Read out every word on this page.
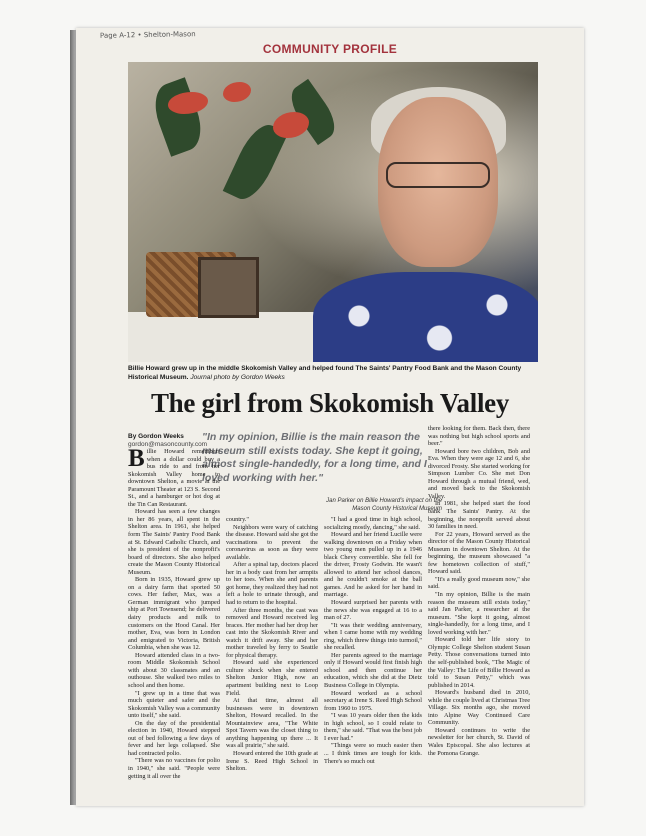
Page A-12 • Shelton-Mason
COMMUNITY PROFILE
Billie Howard grew up in the middle Skokomish Valley and helped found The Saints' Pantry Food Bank and the Mason County Historical Museum. Journal photo by Gordon Weeks
The girl from Skokomish Valley
By Gordon Weeks
gordon@masoncounty.com
"In my opinion, Billie is the main reason the museum still exists today. She kept it going, almost single-handedly, for a long time, and I loved working with her."
Jan Parker on Billie Howard's impact on the
Mason County Historical Museum

Billie Howard remembers when a dollar could buy a bus ride to and from her Skokomish Valley home to downtown Shelton, a movie at the Paramount Theater at 123 S. Second St., and a hamburger or hot dog at the Tin Can Restaurant.

Howard has seen a few changes in her 86 years, all spent in the Shelton area. In 1961, she helped form The Saints' Pantry Food Bank at St. Edward Catholic Church, and she is president of the nonprofit's board of directors. She also helped create the Mason County Historical Museum.

Born in 1935, Howard grew up on a dairy farm that sported 50 cows. Her father, Max, was a German immigrant who jumped ship at Port Townsend; he delivered dairy products and milk to customers on the Hood Canal. Her mother, Eva, was born in London and emigrated to Victoria, British Columbia, when she was 12.

Howard attended class in a two-room Middle Skokomish School with about 30 classmates and an outhouse. She walked two miles to school and then home.

"I grew up in a time that was much quieter and safer and the Skokomish Valley was a community unto itself," she said.

On the day of the presidential election in 1940, Howard stepped out of bed following a few days of fever and her legs collapsed. She had contracted polio.

"There was no vaccines for polio in 1940," she said. "People were getting it all over the

country."

Neighbors were wary of catching the disease. Howard said she got the vaccinations to prevent the coronavirus as soon as they were available.

After a spinal tap, doctors placed her in a body cast from her armpits to her toes. When she and parents got home, they realized they had not left a hole to urinate through, and had to return to the hospital.

After three months, the cast was removed and Howard received leg braces. Her mother had her drop her cast into the Skokomish River and watch it drift away. She and her mother traveled by ferry to Seattle for physical therapy.

Howard said she experienced culture shock when she entered Shelton Junior High, now an apartment building next to Loop Field.

At that time, almost all businesses were in downtown Shelton, Howard recalled. In the Mountainview area, "The White Spot Tavern was the closet thing to anything happening up there ... It was all prairie," she said.

Howard entered the 10th grade at Irene S. Reed High School in Shelton.

"I had a good time in high school, socializing mostly, dancing," she said.

Howard and her friend Lucille were walking downtown on a Friday when two young men pulled up in a 1946 black Chevy convertible. She fell for the driver, Frosty Godwin. He wasn't allowed to attend her school dances, and he couldn't smoke at the ball games. And he asked for her hand in marriage.

Howard surprised her parents with the news she was engaged at 16 to a man of 27.

"It was their wedding anniversary, when I came home with my wedding ring, which threw things into turmoil," she recalled.

Her parents agreed to the marriage only if Howard would first finish high school and then continue her education, which she did at the Dietz Business College in Olympia.

Howard worked as a school secretary at Irene S. Reed High School from 1960 to 1975.

"I was 10 years older then the kids in high school, so I could relate to them," she said. "That was the best job I ever had."

"Things were so much easier then ... I think times are tough for kids. There's so much out

there looking for them. Back then, there was nothing but high school sports and beer."

Howard bore two children, Bob and Eva. When they were age 12 and 6, she divorced Frosty. She started working for Simpson Lumber Co. She met Don Howard through a mutual friend, wed, and moved back to the Skokomish Valley.

In 1981, she helped start the food bank The Saints' Pantry. At the beginning, the nonprofit served about 30 families in need.

For 22 years, Howard served as the director of the Mason County Historical Museum in downtown Shelton. At the beginning, the museum showcased "a few hometown collection of stuff," Howard said.

"It's a really good museum now," she said.

"In my opinion, Billie is the main reason the museum still exists today," said Jan Parker, a researcher at the museum. "She kept it going, almost single-handedly, for a long time, and I loved working with her."

Howard told her life story to Olympic College Shelton student Susan Petty. Those conversations turned into the self-published book, "The Magic of the Valley: The Life of Billie Howard as told to Susan Petty," which was published in 2014.

Howard's husband died in 2010, while the couple lived at Christmas Tree Village. Six months ago, she moved into Alpine Way Continued Care Community.

Howard continues to write the newsletter for her church, St. David of Wales Episcopal. She also lectures at the Pomona Grange.
